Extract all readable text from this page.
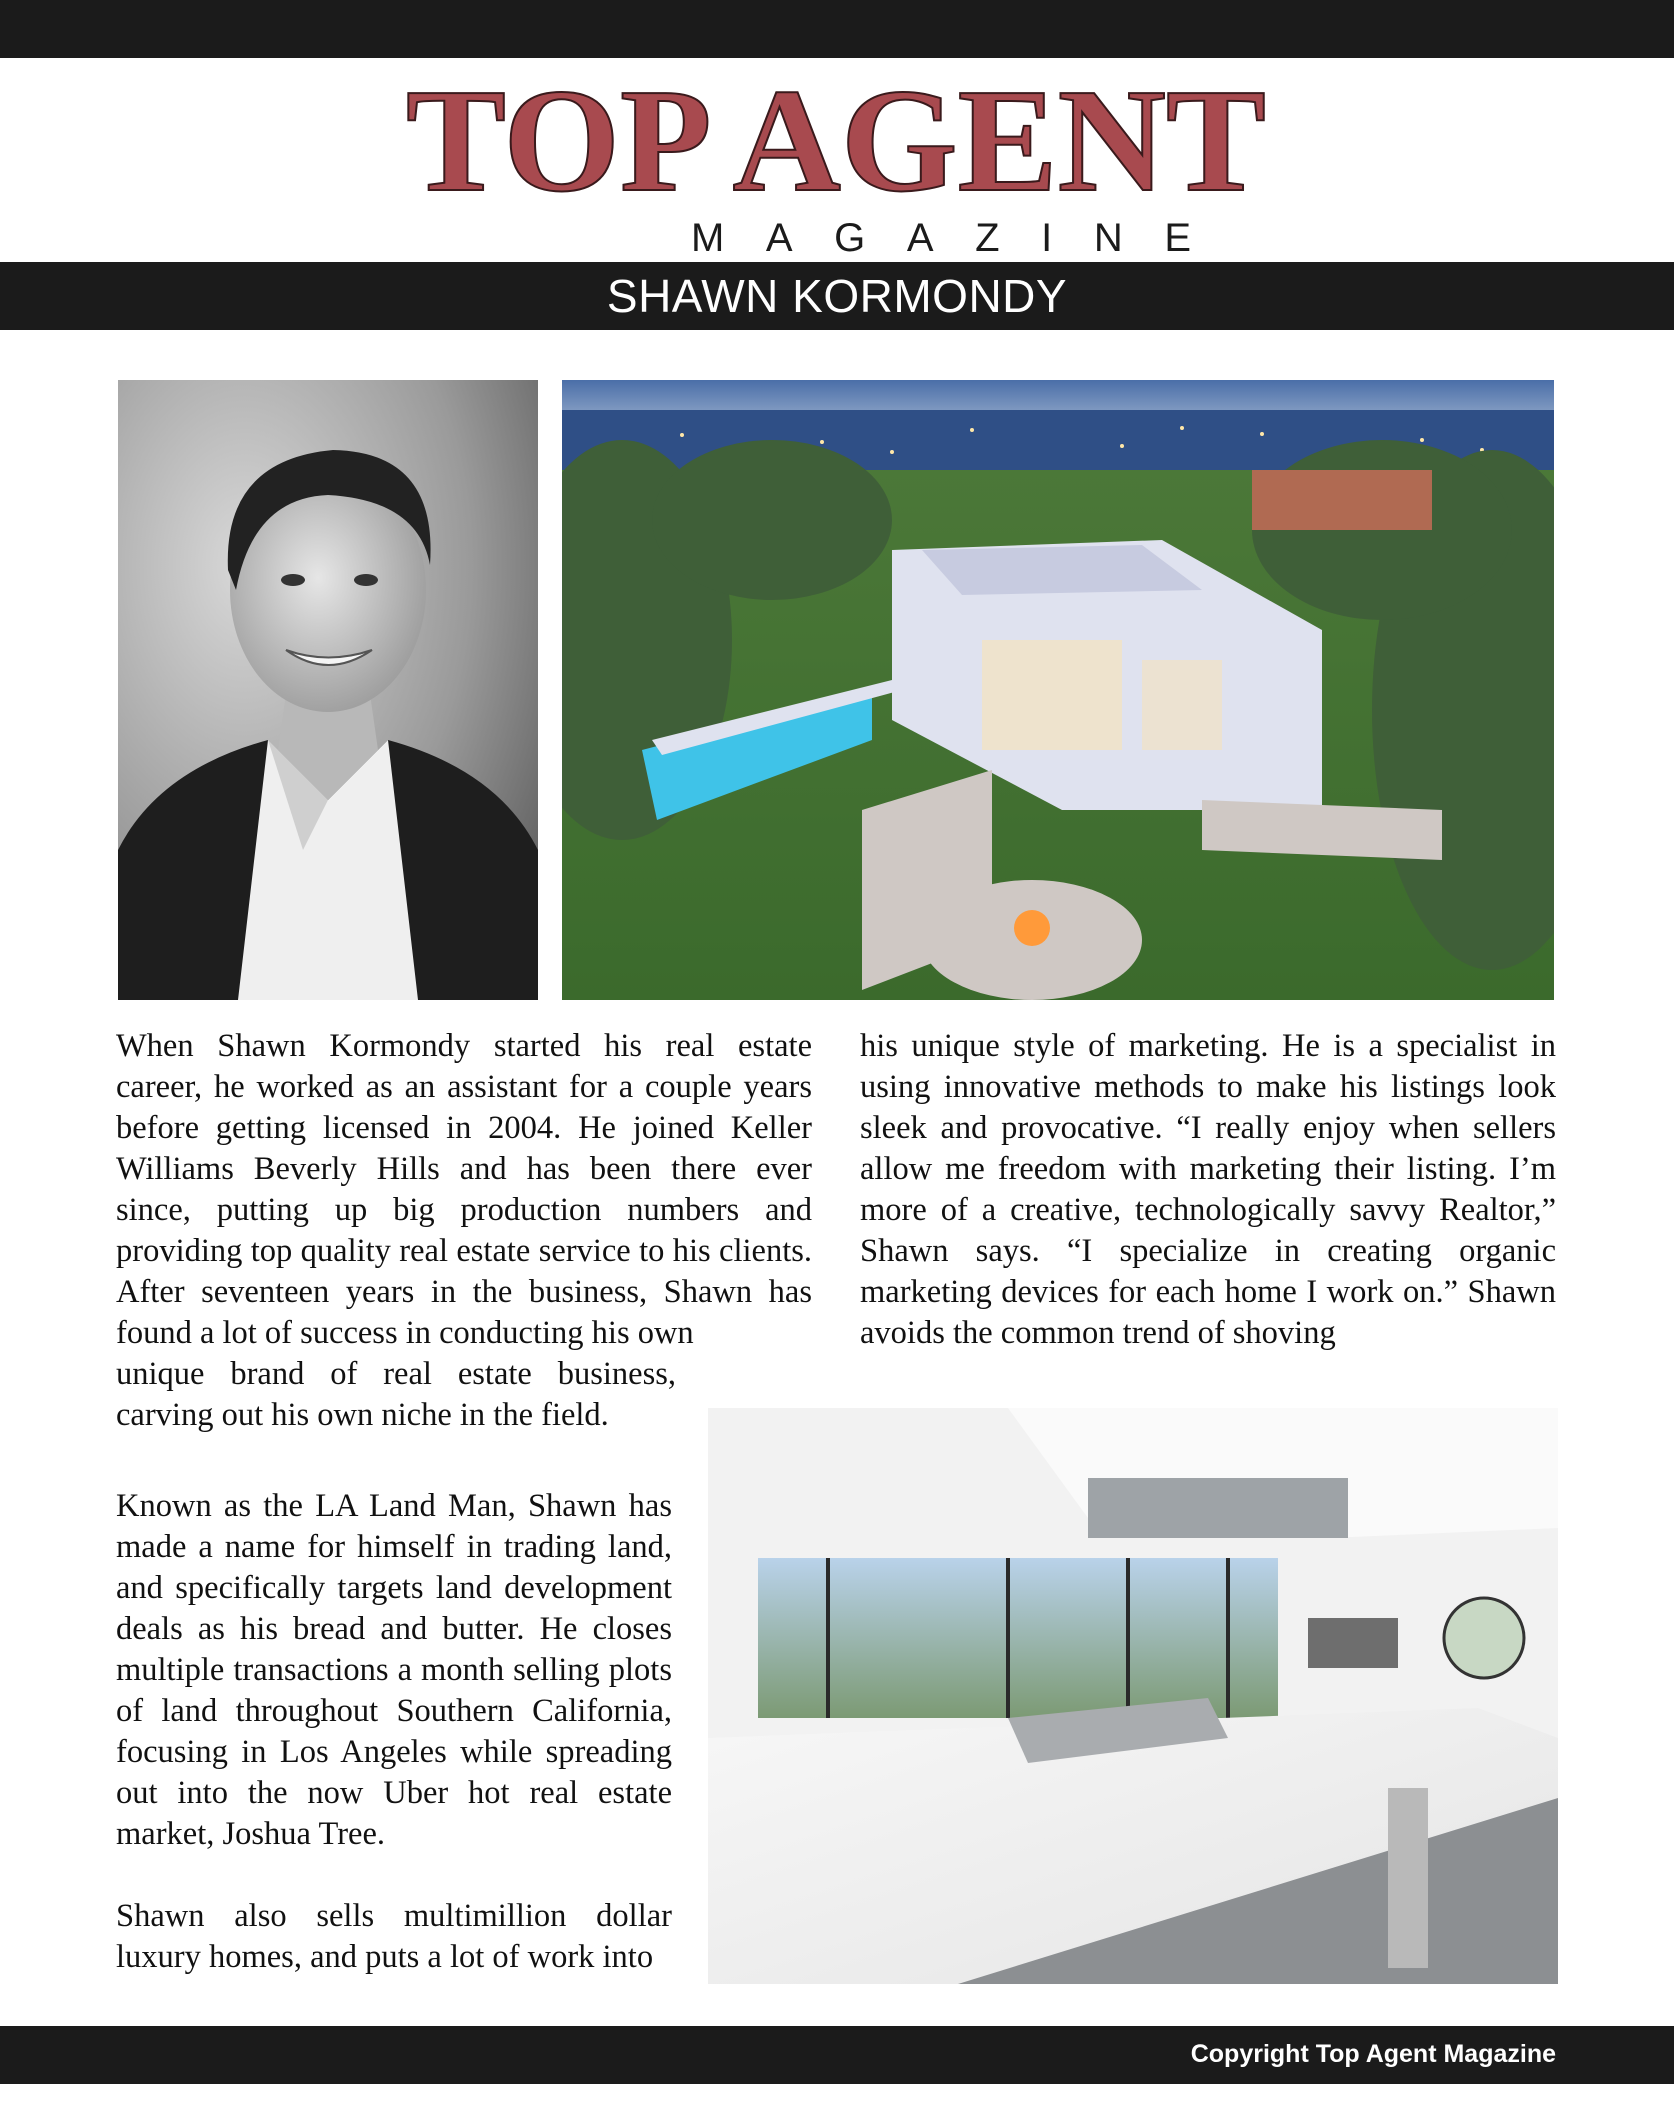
TOP AGENT
MAGAZINE
SHAWN KORMONDY

When Shawn Kormondy started his real estate career, he worked as an assistant for a couple years before getting licensed in 2004. He joined Keller Williams Beverly Hills and has been there ever since, putting up big production numbers and providing top quality real estate service to his clients. After seventeen years in the business, Shawn has found a lot of success in conducting his own

unique brand of real estate business, carving out his own niche in the field.

Known as the LA Land Man, Shawn has made a name for himself in trading land, and specifically targets land development deals as his bread and butter. He closes multiple transactions a month selling plots of land throughout Southern California, focusing in Los Angeles while spreading out into the now Uber hot real estate market, Joshua Tree.

Shawn also sells multimillion dollar luxury homes, and puts a lot of work into

his unique style of marketing. He is a specialist in using innovative methods to make his listings look sleek and provocative. “I really enjoy when sellers allow me freedom with marketing their listing. I’m more of a creative, technologically savvy Realtor,” Shawn says. “I specialize in creating organic marketing devices for each home I work on.” Shawn avoids the common trend of shoving

Copyright Top Agent Magazine
